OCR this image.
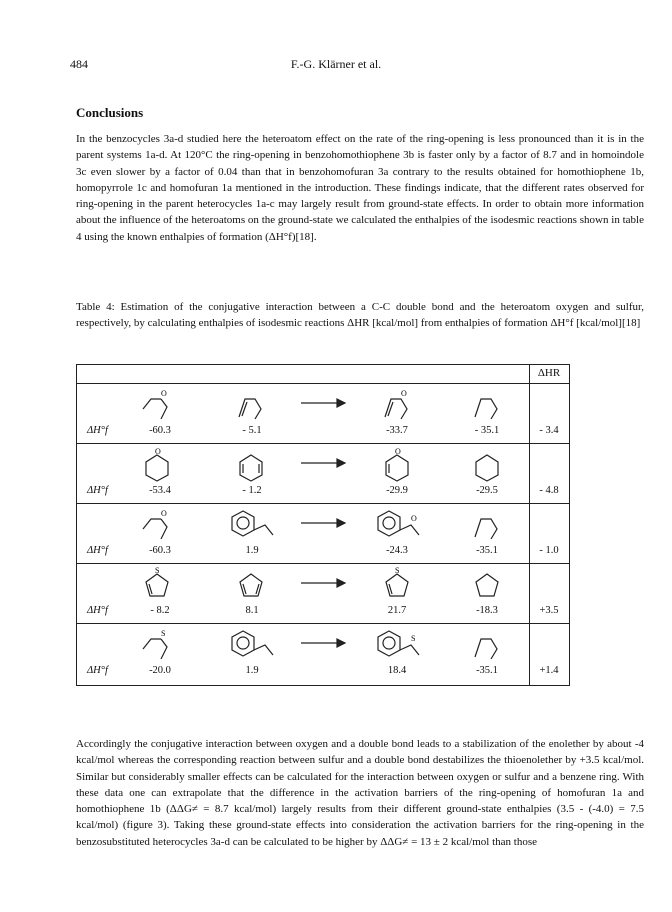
484	F.-G. Klärner et al.
Conclusions
In the benzocycles 3a-d studied here the heteroatom effect on the rate of the ring-opening is less pronounced than it is in the parent systems 1a-d. At 120°C the ring-opening in benzohomothiophene 3b is faster only by a factor of 8.7 and in homoindole 3c even slower by a factor of 0.04 than that in benzohomofuran 3a contrary to the results obtained for homothiophene 1b, homopyrrole 1c and homofuran 1a mentioned in the introduction. These findings indicate, that the different rates observed for ring-opening in the parent heterocycles 1a-c may largely result from ground-state effects. In order to obtain more information about the influence of the heteroatoms on the ground-state we calculated the enthalpies of the isodesmic reactions shown in table 4 using the known enthalpies of formation (ΔH°f)[18].
Table 4: Estimation of the conjugative interaction between a C-C double bond and the heteroatom oxygen and sulfur, respectively, by calculating enthalpies of isodesmic reactions ΔHR [kcal/mol] from enthalpies of formation ΔH°f [kcal/mol][18]
ΔHR
O	O
ΔH°f	-60.3	- 5.1	-33.7	- 35.1	- 3.4
O	O
ΔH°f	-53.4	- 1.2	-29.9	-29.5	- 4.8
O
O
ΔH°f	-60.3	1.9	-24.3	-35.1	- 1.0
S	S
ΔH°f	- 8.2	8.1	21.7	-18.3	+3.5
S
S
ΔH°f	-20.0	1.9	18.4	-35.1	+1.4
Accordingly the conjugative interaction between oxygen and a double bond leads to a stabilization of the enolether by about -4 kcal/mol whereas the corresponding reaction between sulfur and a double bond destabilizes the thioenolether by +3.5 kcal/mol. Similar but considerably smaller effects can be calculated for the interaction between oxygen or sulfur and a benzene ring. With these data one can extrapolate that the difference in the activation barriers of the ring-opening of homofuran 1a and homothiophene 1b (ΔΔG≠ = 8.7 kcal/mol) largely results from their different ground-state enthalpies (3.5 - (-4.0) = 7.5 kcal/mol) (figure 3). Taking these ground-state effects into consideration the activation barriers for the ring-opening in the benzosubstituted heterocycles 3a-d can be calculated to be higher by ΔΔG≠ = 13 ± 2 kcal/mol than those
